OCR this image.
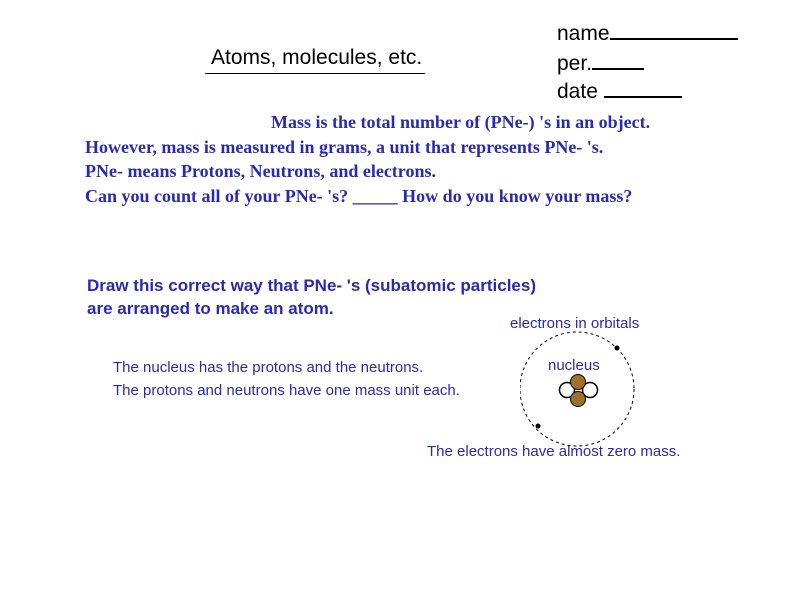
Atoms, molecules, etc.
name
per.
date
Mass is the total number of (PNe-) 's in an object.
However, mass is measured in grams, a unit that represents PNe- 's.
PNe- means Protons, Neutrons, and electrons.
Can you count all of your PNe- 's? _____ How do you know your mass?
Draw this correct way that PNe- 's (subatomic particles)
are arranged to make an atom.
electrons in orbitals
The nucleus has the protons and the neutrons.
The protons and neutrons have one mass unit each.
nucleus
The electrons have almost zero mass.
